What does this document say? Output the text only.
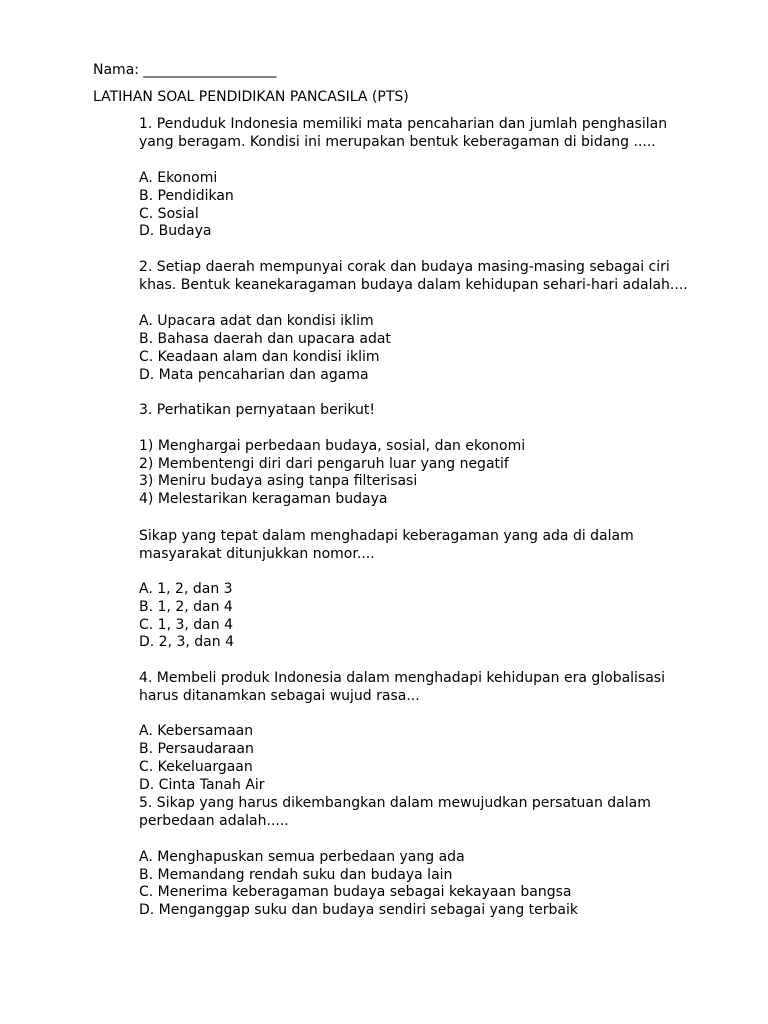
Nama: ___________________
LATIHAN SOAL PENDIDIKAN PANCASILA (PTS)
1. Penduduk Indonesia memiliki mata pencaharian dan jumlah penghasilan
yang beragam. Kondisi ini merupakan bentuk keberagaman di bidang .....
A. Ekonomi
B. Pendidikan
C. Sosial
D. Budaya
2. Setiap daerah mempunyai corak dan budaya masing-masing sebagai ciri
khas. Bentuk keanekaragaman budaya dalam kehidupan sehari-hari adalah....
A. Upacara adat dan kondisi iklim
B. Bahasa daerah dan upacara adat
C. Keadaan alam dan kondisi iklim
D. Mata pencaharian dan agama
3. Perhatikan pernyataan berikut!
1) Menghargai perbedaan budaya, sosial, dan ekonomi
2) Membentengi diri dari pengaruh luar yang negatif
3) Meniru budaya asing tanpa filterisasi
4) Melestarikan keragaman budaya
Sikap yang tepat dalam menghadapi keberagaman yang ada di dalam
masyarakat ditunjukkan nomor....
A. 1, 2, dan 3
B. 1, 2, dan 4
C. 1, 3, dan 4
D. 2, 3, dan 4
4. Membeli produk Indonesia dalam menghadapi kehidupan era globalisasi
harus ditanamkan sebagai wujud rasa...
A. Kebersamaan
B. Persaudaraan
C. Kekeluargaan
D. Cinta Tanah Air
5. Sikap yang harus dikembangkan dalam mewujudkan persatuan dalam
perbedaan adalah.....
A. Menghapuskan semua perbedaan yang ada
B. Memandang rendah suku dan budaya lain
C. Menerima keberagaman budaya sebagai kekayaan bangsa
D. Menganggap suku dan budaya sendiri sebagai yang terbaik
